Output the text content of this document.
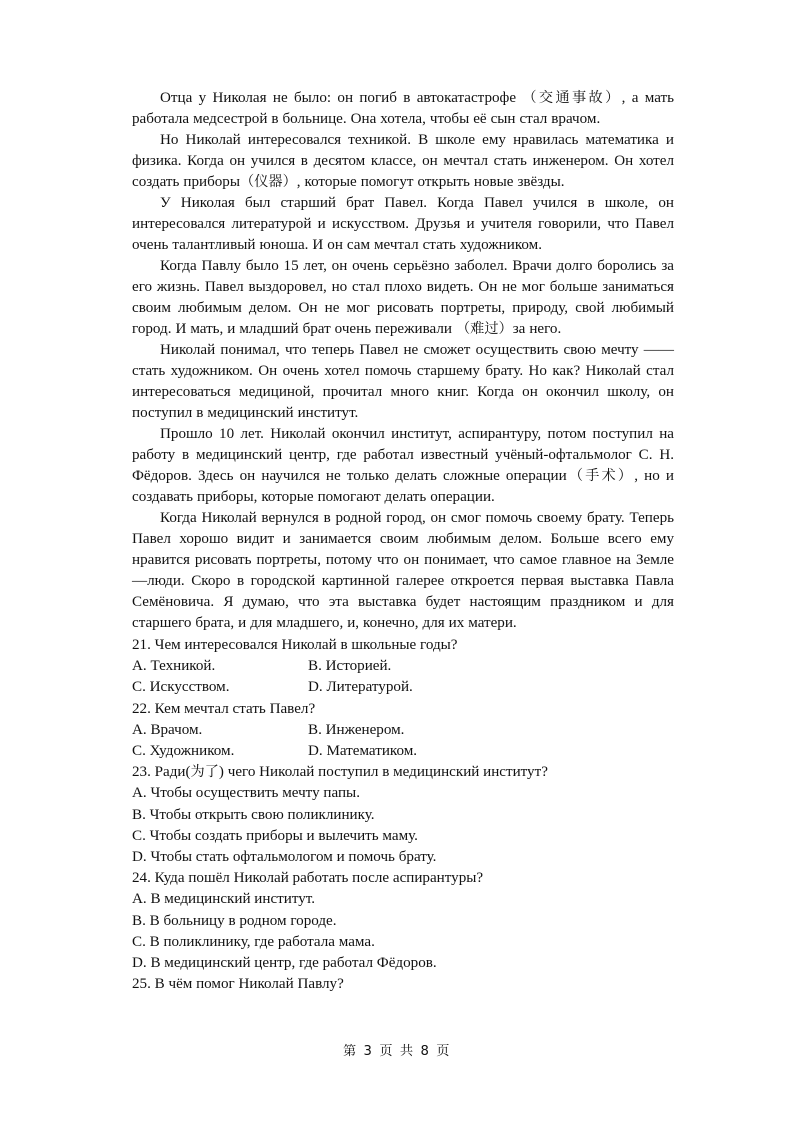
Отца у Николая не было: он погиб в автокатастрофе （交通事故）, а мать работала медсестрой в больнице. Она хотела, чтобы её сын стал врачом.

Но Николай интересовался техникой. В школе ему нравилась математика и физика. Когда он учился в десятом классе, он мечтал стать инженером. Он хотел создать приборы（仪器）, которые помогут открыть новые звёзды.

У Николая был старший брат Павел. Когда Павел учился в школе, он интересовался литературой и искусством. Друзья и учителя говорили, что Павел очень талантливый юноша. И он сам мечтал стать художником.

Когда Павлу было 15 лет, он очень серьёзно заболел. Врачи долго боролись за его жизнь. Павел выздоровел, но стал плохо видеть. Он не мог больше заниматься своим любимым делом. Он не мог рисовать портреты, природу, свой любимый город. И мать, и младший брат очень переживали （难过）за него.

Николай понимал, что теперь Павел не сможет осуществить свою мечту —— стать художником. Он очень хотел помочь старшему брату. Но как? Николай стал интересоваться медициной, прочитал много книг. Когда он окончил школу, он поступил в медицинский институт.

Прошло 10 лет. Николай окончил институт, аспирантуру, потом поступил на работу в медицинский центр, где работал известный учёный-офтальмолог С. Н. Фёдоров. Здесь он научился не только делать сложные операции（手术）, но и создавать приборы, которые помогают делать операции.

Когда Николай вернулся в родной город, он смог помочь своему брату. Теперь Павел хорошо видит и занимается своим любимым делом. Больше всего ему нравится рисовать портреты, потому что он понимает, что самое главное на Земле —люди. Скоро в городской картинной галерее откроется первая выставка Павла Семёновича. Я думаю, что эта выставка будет настоящим праздником и для старшего брата, и для младшего, и, конечно, для их матери.

21. Чем интересовался Николай в школьные годы?

A. Техникой.	B. Историей.
C. Искусством.	D. Литературой.

22. Кем мечтал стать Павел?

A. Врачом.	B. Инженером.
C. Художником.	D. Математиком.

23. Ради(为了) чего Николай поступил в медицинский институт?

A. Чтобы осуществить мечту папы.

B. Чтобы открыть свою поликлинику.

C. Чтобы создать приборы и вылечить маму.

D. Чтобы стать офтальмологом и помочь брату.

24. Куда пошёл Николай работать после аспирантуры?

A. В медицинский институт.

B. В больницу в родном городе.

C. В поликлинику, где работала мама.

D. В медицинский центр, где работал Фёдоров.

25. В чём помог Николай Павлу?

第 3 页 共 8 页
